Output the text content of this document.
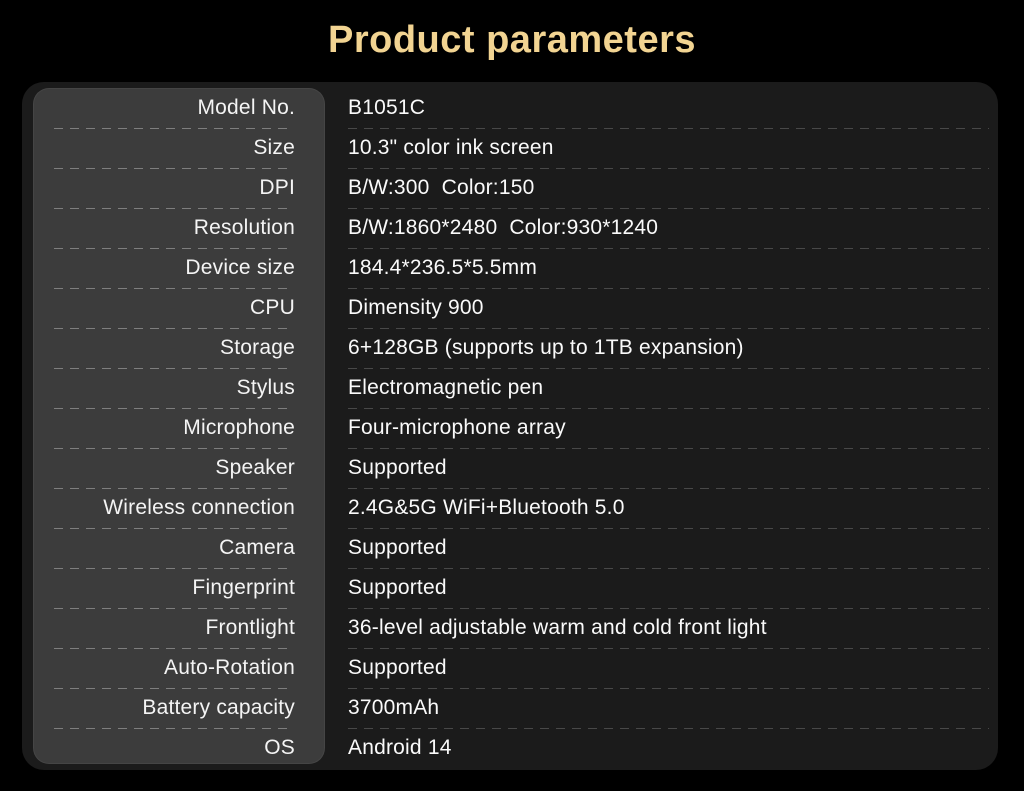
Product parameters
Model No.	B1051C
Size	10.3" color ink screen
DPI	B/W:300  Color:150
Resolution	B/W:1860*2480  Color:930*1240
Device size	184.4*236.5*5.5mm
CPU	Dimensity 900
Storage	6+128GB (supports up to 1TB expansion)
Stylus	Electromagnetic pen
Microphone	Four-microphone array
Speaker	Supported
Wireless connection	2.4G&5G WiFi+Bluetooth 5.0
Camera	Supported
Fingerprint	Supported
Frontlight	36-level adjustable warm and cold front light
Auto-Rotation	Supported
Battery capacity	3700mAh
OS	Android 14
